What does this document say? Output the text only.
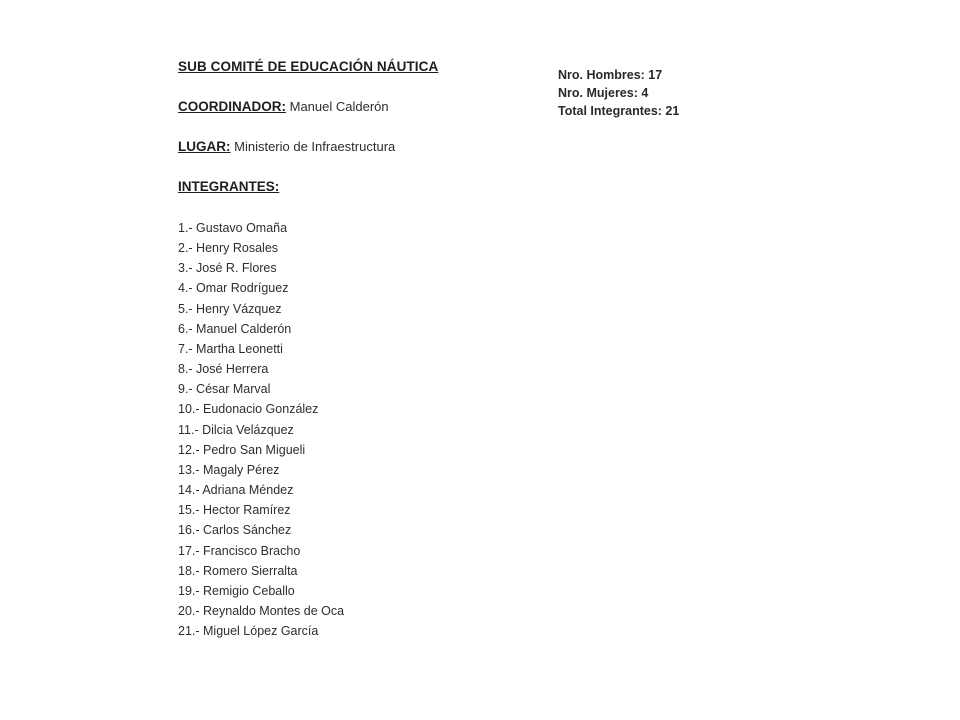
SUB COMITÉ DE EDUCACIÓN NÁUTICA
COORDINADOR: Manuel Calderón
LUGAR: Ministerio de Infraestructura
INTEGRANTES:
1.- Gustavo Omaña
2.- Henry Rosales
3.- José R. Flores
4.- Omar Rodríguez
5.- Henry Vázquez
6.- Manuel Calderón
7.- Martha Leonetti
8.- José Herrera
9.- César Marval
10.- Eudonacio González
11.- Dilcia Velázquez
12.- Pedro San Migueli
13.- Magaly Pérez
14.- Adriana Méndez
15.- Hector Ramírez
16.- Carlos Sánchez
17.- Francisco Bracho
18.- Romero Sierralta
19.- Remigio Ceballo
20.- Reynaldo Montes de Oca
21.- Miguel López García
Nro. Hombres: 17
Nro. Mujeres: 4
Total Integrantes: 21
